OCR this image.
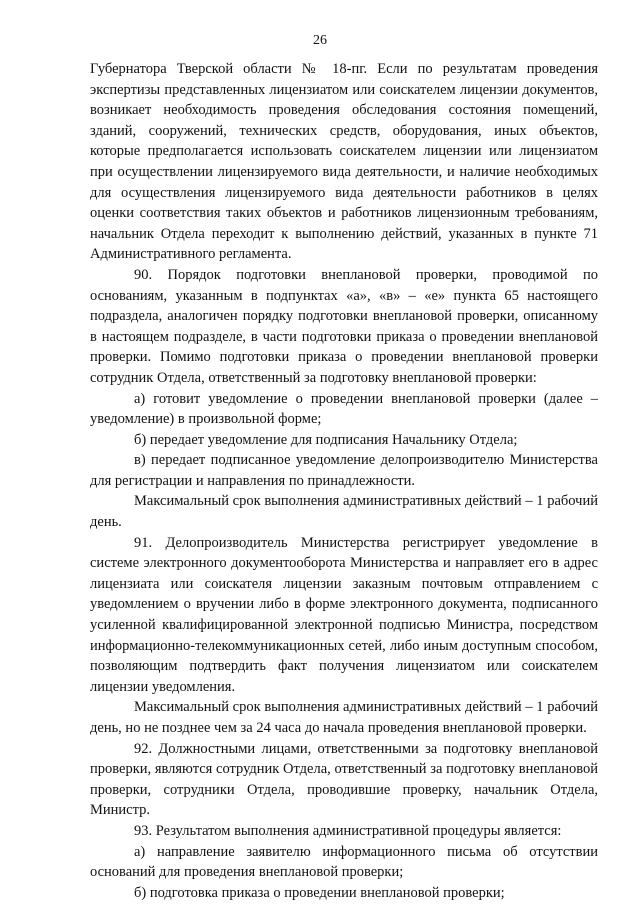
26

Губернатора Тверской области № 18-пг. Если по результатам проведения экспертизы представленных лицензиатом или соискателем лицензии документов, возникает необходимость проведения обследования состояния помещений, зданий, сооружений, технических средств, оборудования, иных объектов, которые предполагается использовать соискателем лицензии или лицензиатом при осуществлении лицензируемого вида деятельности, и наличие необходимых для осуществления лицензируемого вида деятельности работников в целях оценки соответствия таких объектов и работников лицензионным требованиям, начальник Отдела переходит к выполнению действий, указанных в пункте 71 Административного регламента.

90. Порядок подготовки внеплановой проверки, проводимой по основаниям, указанным в подпунктах «а», «в» – «е» пункта 65 настоящего подраздела, аналогичен порядку подготовки внеплановой проверки, описанному в настоящем подразделе, в части подготовки приказа о проведении внеплановой проверки. Помимо подготовки приказа о проведении внеплановой проверки сотрудник Отдела, ответственный за подготовку внеплановой проверки:

а) готовит уведомление о проведении внеплановой проверки (далее – уведомление) в произвольной форме;

б) передает уведомление для подписания Начальнику Отдела;

в) передает подписанное уведомление делопроизводителю Министерства для регистрации и направления по принадлежности.

Максимальный срок выполнения административных действий – 1 рабочий день.

91. Делопроизводитель Министерства регистрирует уведомление в системе электронного документооборота Министерства и направляет его в адрес лицензиата или соискателя лицензии заказным почтовым отправлением с уведомлением о вручении либо в форме электронного документа, подписанного усиленной квалифицированной электронной подписью Министра, посредством информационно-телекоммуникационных сетей, либо иным доступным способом, позволяющим подтвердить факт получения лицензиатом или соискателем лицензии уведомления.

Максимальный срок выполнения административных действий – 1 рабочий день, но не позднее чем за 24 часа до начала проведения внеплановой проверки.

92. Должностными лицами, ответственными за подготовку внеплановой проверки, являются сотрудник Отдела, ответственный за подготовку внеплановой проверки, сотрудники Отдела, проводившие проверку, начальник Отдела, Министр.

93. Результатом выполнения административной процедуры является:

а) направление заявителю информационного письма об отсутствии оснований для проведения внеплановой проверки;

б) подготовка приказа о проведении внеплановой проверки;
